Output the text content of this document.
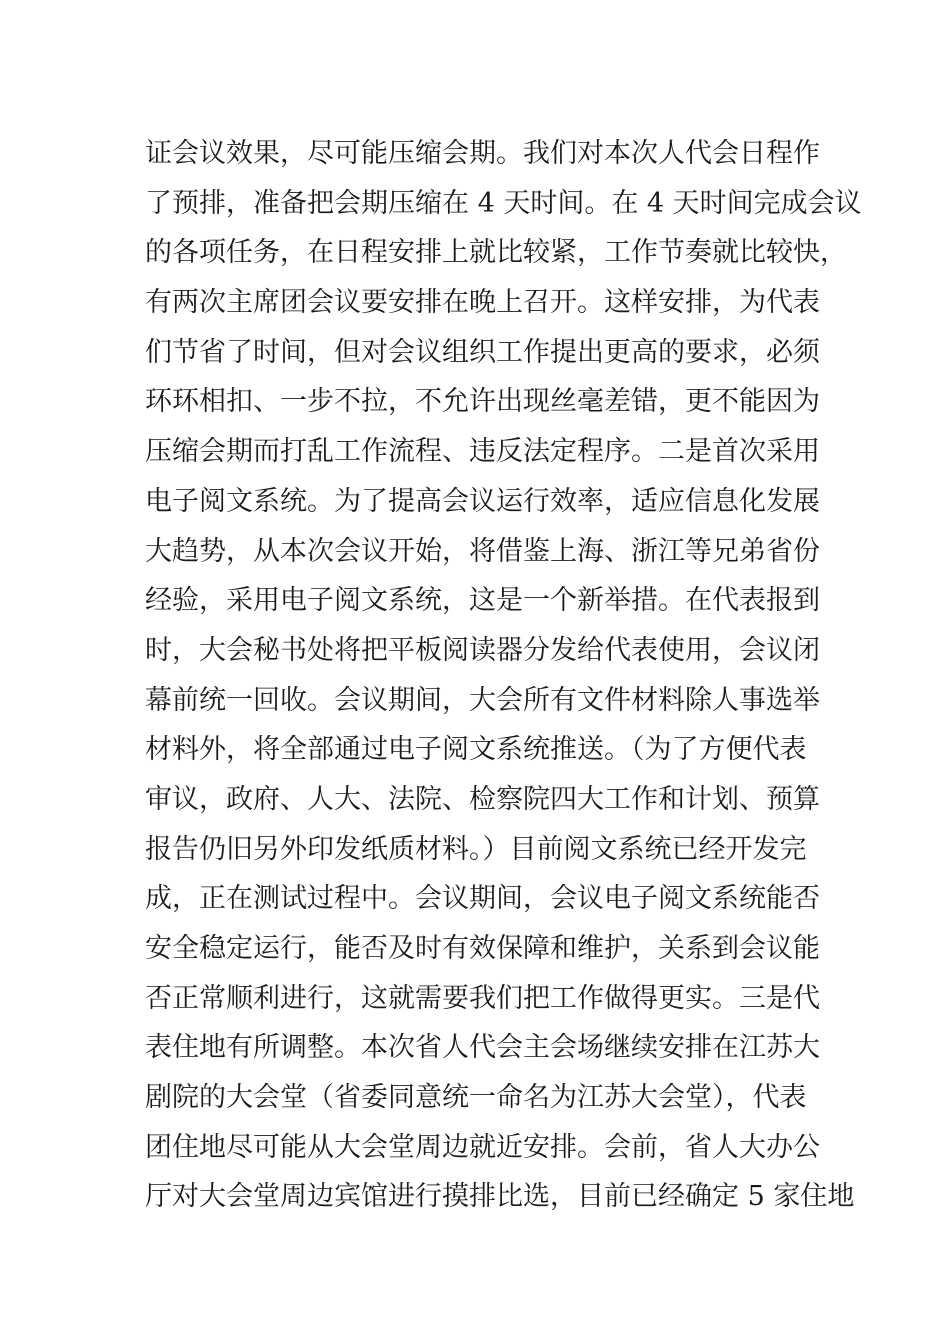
证会议效果，尽可能压缩会期。我们对本次人代会日程作
了预排，准备把会期压缩在 4 天时间。在 4 天时间完成会议
的各项任务，在日程安排上就比较紧，工作节奏就比较快，
有两次主席团会议要安排在晚上召开。这样安排，为代表
们节省了时间，但对会议组织工作提出更高的要求，必须
环环相扣、一步不拉，不允许出现丝毫差错，更不能因为
压缩会期而打乱工作流程、违反法定程序。二是首次采用
电子阅文系统。为了提高会议运行效率，适应信息化发展
大趋势，从本次会议开始，将借鉴上海、浙江等兄弟省份
经验，采用电子阅文系统，这是一个新举措。在代表报到
时，大会秘书处将把平板阅读器分发给代表使用，会议闭
幕前统一回收。会议期间，大会所有文件材料除人事选举
材料外，将全部通过电子阅文系统推送。（为了方便代表
审议，政府、人大、法院、检察院四大工作和计划、预算
报告仍旧另外印发纸质材料。）目前阅文系统已经开发完
成，正在测试过程中。会议期间，会议电子阅文系统能否
安全稳定运行，能否及时有效保障和维护，关系到会议能
否正常顺利进行，这就需要我们把工作做得更实。三是代
表住地有所调整。本次省人代会主会场继续安排在江苏大
剧院的大会堂（省委同意统一命名为江苏大会堂），代表
团住地尽可能从大会堂周边就近安排。会前，省人大办公
厅对大会堂周边宾馆进行摸排比选，目前已经确定 5 家住地
